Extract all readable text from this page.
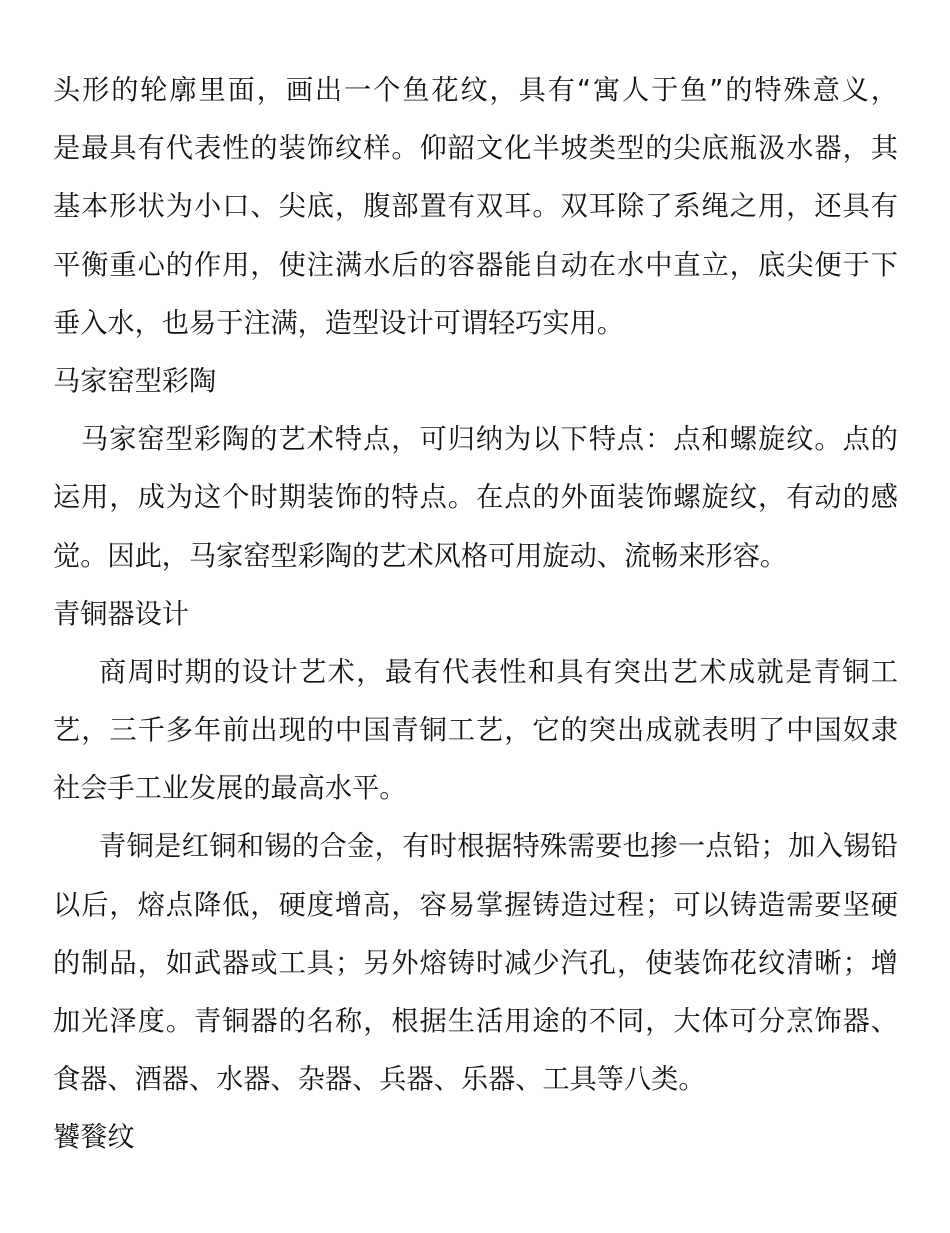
头形的轮廓里面，画出一个鱼花纹，具有“寓人于鱼”的特殊意义，

是最具有代表性的装饰纹样。仰韶文化半坡类型的尖底瓶汲水器，其

基本形状为小口、尖底，腹部置有双耳。双耳除了系绳之用，还具有

平衡重心的作用，使注满水后的容器能自动在水中直立，底尖便于下

垂入水，也易于注满，造型设计可谓轻巧实用。

马家窑型彩陶

马家窑型彩陶的艺术特点，可归纳为以下特点：点和螺旋纹。点的

运用，成为这个时期装饰的特点。在点的外面装饰螺旋纹，有动的感

觉。因此，马家窑型彩陶的艺术风格可用旋动、流畅来形容。

青铜器设计

商周时期的设计艺术，最有代表性和具有突出艺术成就是青铜工

艺，三千多年前出现的中国青铜工艺，它的突出成就表明了中国奴隶

社会手工业发展的最高水平。

青铜是红铜和锡的合金，有时根据特殊需要也掺一点铅；加入锡铅

以后，熔点降低，硬度增高，容易掌握铸造过程；可以铸造需要坚硬

的制品，如武器或工具；另外熔铸时减少汽孔，使装饰花纹清晰；增

加光泽度。青铜器的名称，根据生活用途的不同，大体可分烹饰器、

食器、酒器、水器、杂器、兵器、乐器、工具等八类。

饕餮纹
